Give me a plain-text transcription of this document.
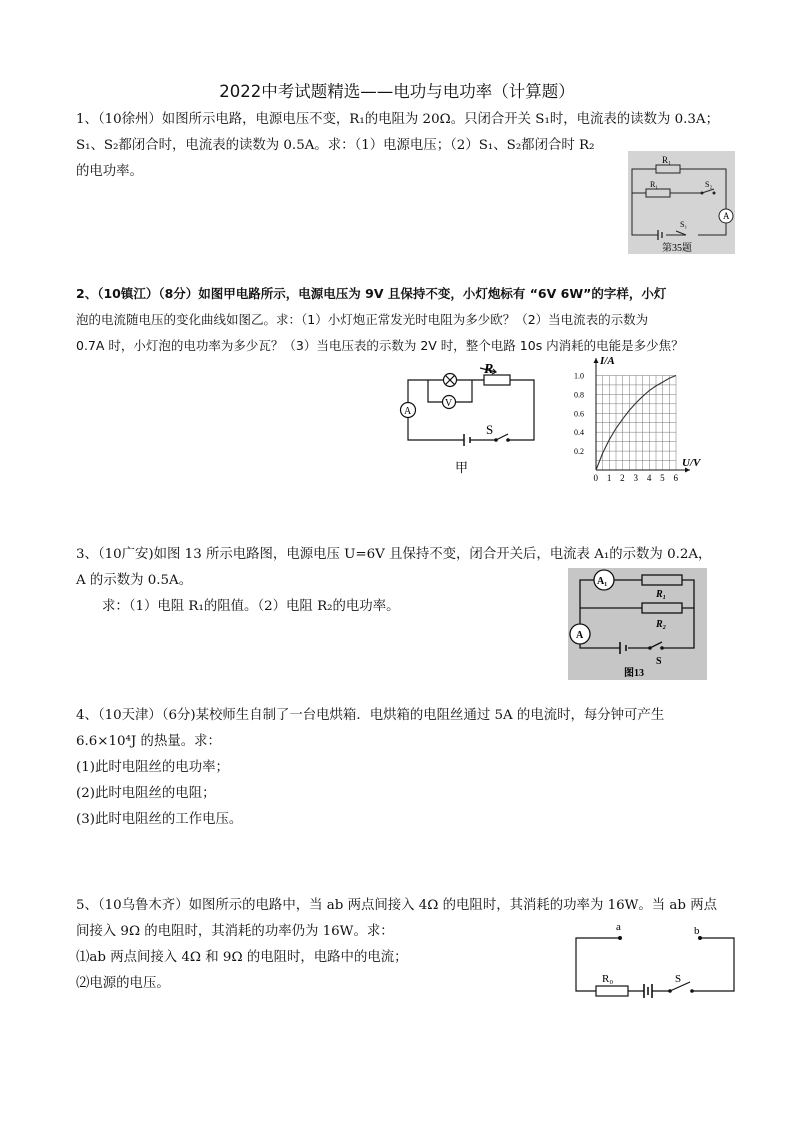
2022中考试题精选——电功与电功率（计算题）
1、（10徐州）如图所示电路，电源电压不变，R₁的电阻为 20Ω。只闭合开关 S₁时，电流表的读数为 0.3A；
S₁、S₂都闭合时，电流表的读数为 0.5A。求：（1）电源电压；（2）S₁、S₂都闭合时 R₂
的电功率。
R₁
R₁	S₂
S₁
A
第35题
2、（10镇江）（8分）如图甲电路所示，电源电压为 9V 且保持不变，小灯炮标有 “6V 6W”的字样，小灯
泡的电流随电压的变化曲线如图乙。求：（1）小灯炮正常发光时电阻为多少欧？（2）当电流表的示数为
0.7A 时，小灯泡的电功率为多少瓦？（3）当电压表的示数为 2V 时，整个电路 10s 内消耗的电能是多少焦？
R
A
V
S
甲
0 1 2 3 4 5 6
0.2
0.4
0.6
0.8
1.0
U/V
I/A
3、（10广安)如图 13 所示电路图，电源电压 U=6V 且保持不变，闭合开关后，电流表 A₁的示数为 0.2A，
A 的示数为 0.5A。
求：（1）电阻 R₁的阻值。（2）电阻 R₂的电功率。
A₁
R₁
R₂
A
S
图13
4、（10天津）（6分)某校师生自制了一台电烘箱．电烘箱的电阻丝通过 5A 的电流时，每分钟可产生
6.6×10⁴J 的热量。求：
(1)此时电阻丝的电功率；
(2)此时电阻丝的电阻；
(3)此时电阻丝的工作电压。
5、（10乌鲁木齐）如图所示的电路中，当 ab 两点间接入 4Ω 的电阻时，其消耗的功率为 16W。当 ab 两点
间接入 9Ω 的电阻时，其消耗的功率仍为 16W。求：
⑴ab 两点间接入 4Ω 和 9Ω 的电阻时，电路中的电流；
⑵电源的电压。
a	b
R₀	S
